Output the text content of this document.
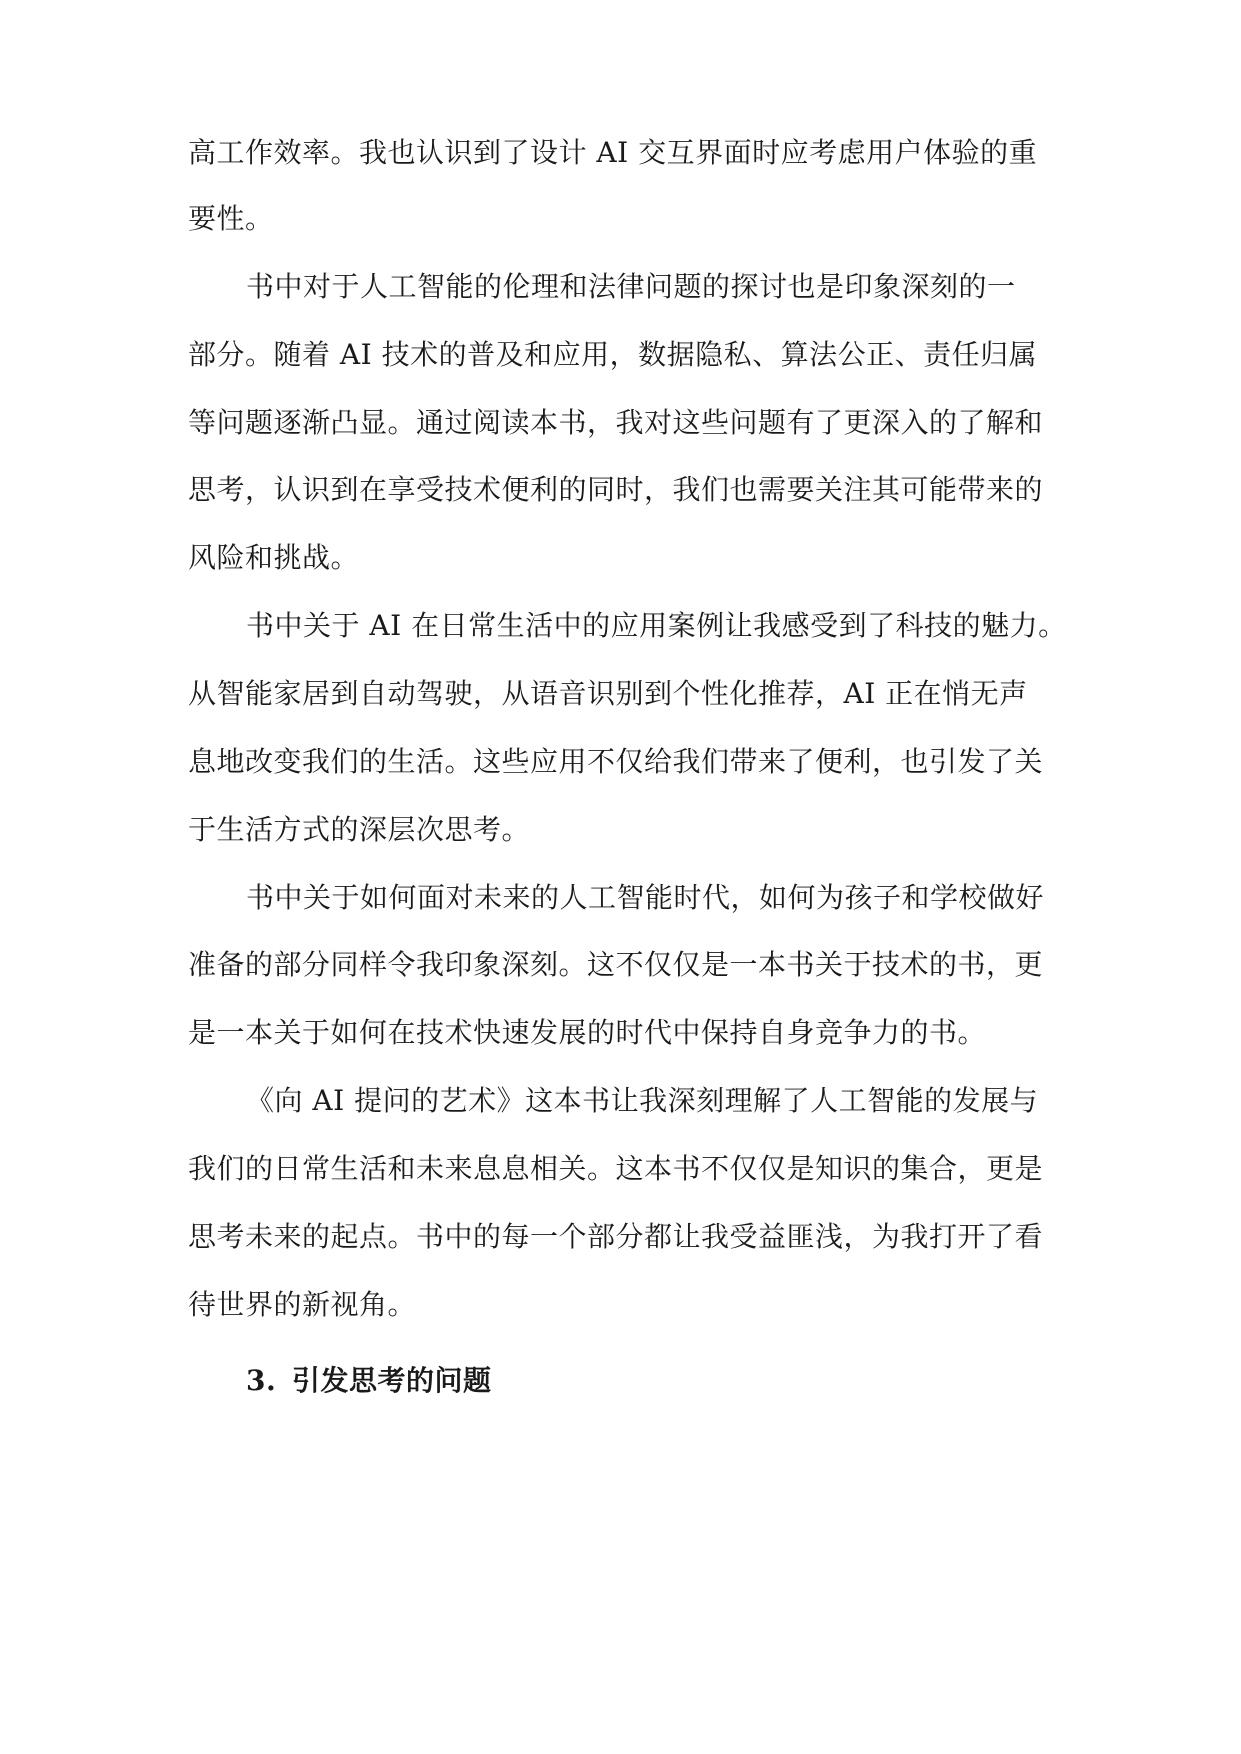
高工作效率。我也认识到了设计 AI 交互界面时应考虑用户体验的重
要性。
书中对于人工智能的伦理和法律问题的探讨也是印象深刻的一
部分。随着 AI 技术的普及和应用，数据隐私、算法公正、责任归属
等问题逐渐凸显。通过阅读本书，我对这些问题有了更深入的了解和
思考，认识到在享受技术便利的同时，我们也需要关注其可能带来的
风险和挑战。
书中关于 AI 在日常生活中的应用案例让我感受到了科技的魅力。
从智能家居到自动驾驶，从语音识别到个性化推荐，AI 正在悄无声
息地改变我们的生活。这些应用不仅给我们带来了便利，也引发了关
于生活方式的深层次思考。
书中关于如何面对未来的人工智能时代，如何为孩子和学校做好
准备的部分同样令我印象深刻。这不仅仅是一本书关于技术的书，更
是一本关于如何在技术快速发展的时代中保持自身竞争力的书。
《向 AI 提问的艺术》这本书让我深刻理解了人工智能的发展与
我们的日常生活和未来息息相关。这本书不仅仅是知识的集合，更是
思考未来的起点。书中的每一个部分都让我受益匪浅，为我打开了看
待世界的新视角。
3. 引发思考的问题
